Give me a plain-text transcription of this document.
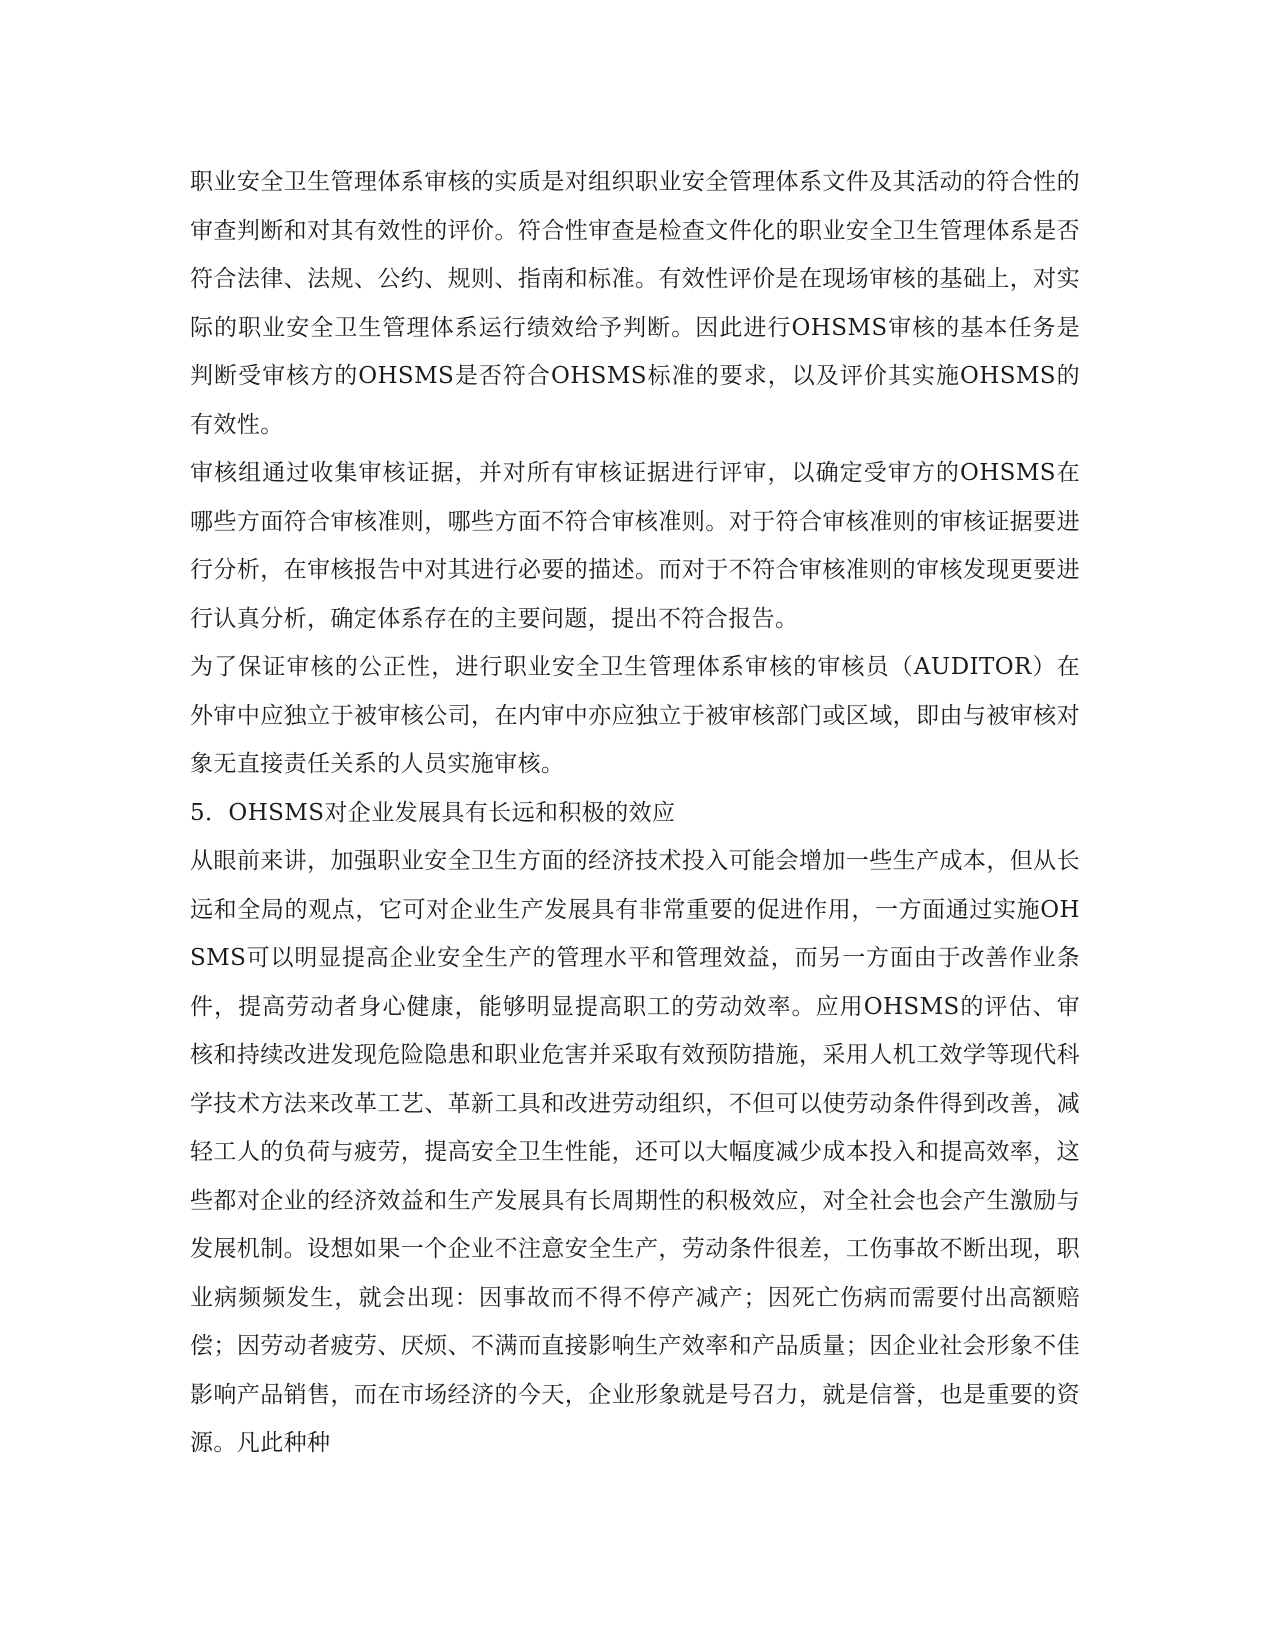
职业安全卫生管理体系审核的实质是对组织职业安全管理体系文件及其活动的符合性的审查判断和对其有效性的评价。符合性审查是检查文件化的职业安全卫生管理体系是否符合法律、法规、公约、规则、指南和标准。有效性评价是在现场审核的基础上，对实际的职业安全卫生管理体系运行绩效给予判断。因此进行OHSMS审核的基本任务是判断受审核方的OHSMS是否符合OHSMS标准的要求，以及评价其实施OHSMS的有效性。

审核组通过收集审核证据，并对所有审核证据进行评审，以确定受审方的OHSMS在哪些方面符合审核准则，哪些方面不符合审核准则。对于符合审核准则的审核证据要进行分析，在审核报告中对其进行必要的描述。而对于不符合审核准则的审核发现更要进行认真分析，确定体系存在的主要问题，提出不符合报告。

为了保证审核的公正性，进行职业安全卫生管理体系审核的审核员（AUDITOR）在外审中应独立于被审核公司，在内审中亦应独立于被审核部门或区域，即由与被审核对象无直接责任关系的人员实施审核。

5．OHSMS对企业发展具有长远和积极的效应

从眼前来讲，加强职业安全卫生方面的经济技术投入可能会增加一些生产成本，但从长远和全局的观点，它可对企业生产发展具有非常重要的促进作用，一方面通过实施OHSMS可以明显提高企业安全生产的管理水平和管理效益，而另一方面由于改善作业条件，提高劳动者身心健康，能够明显提高职工的劳动效率。应用OHSMS的评估、审核和持续改进发现危险隐患和职业危害并采取有效预防措施，采用人机工效学等现代科学技术方法来改革工艺、革新工具和改进劳动组织，不但可以使劳动条件得到改善，减轻工人的负荷与疲劳，提高安全卫生性能，还可以大幅度减少成本投入和提高效率，这些都对企业的经济效益和生产发展具有长周期性的积极效应，对全社会也会产生激励与发展机制。设想如果一个企业不注意安全生产，劳动条件很差，工伤事故不断出现，职业病频频发生，就会出现：因事故而不得不停产减产；因死亡伤病而需要付出高额赔偿；因劳动者疲劳、厌烦、不满而直接影响生产效率和产品质量；因企业社会形象不佳影响产品销售，而在市场经济的今天，企业形象就是号召力，就是信誉，也是重要的资源。凡此种种
